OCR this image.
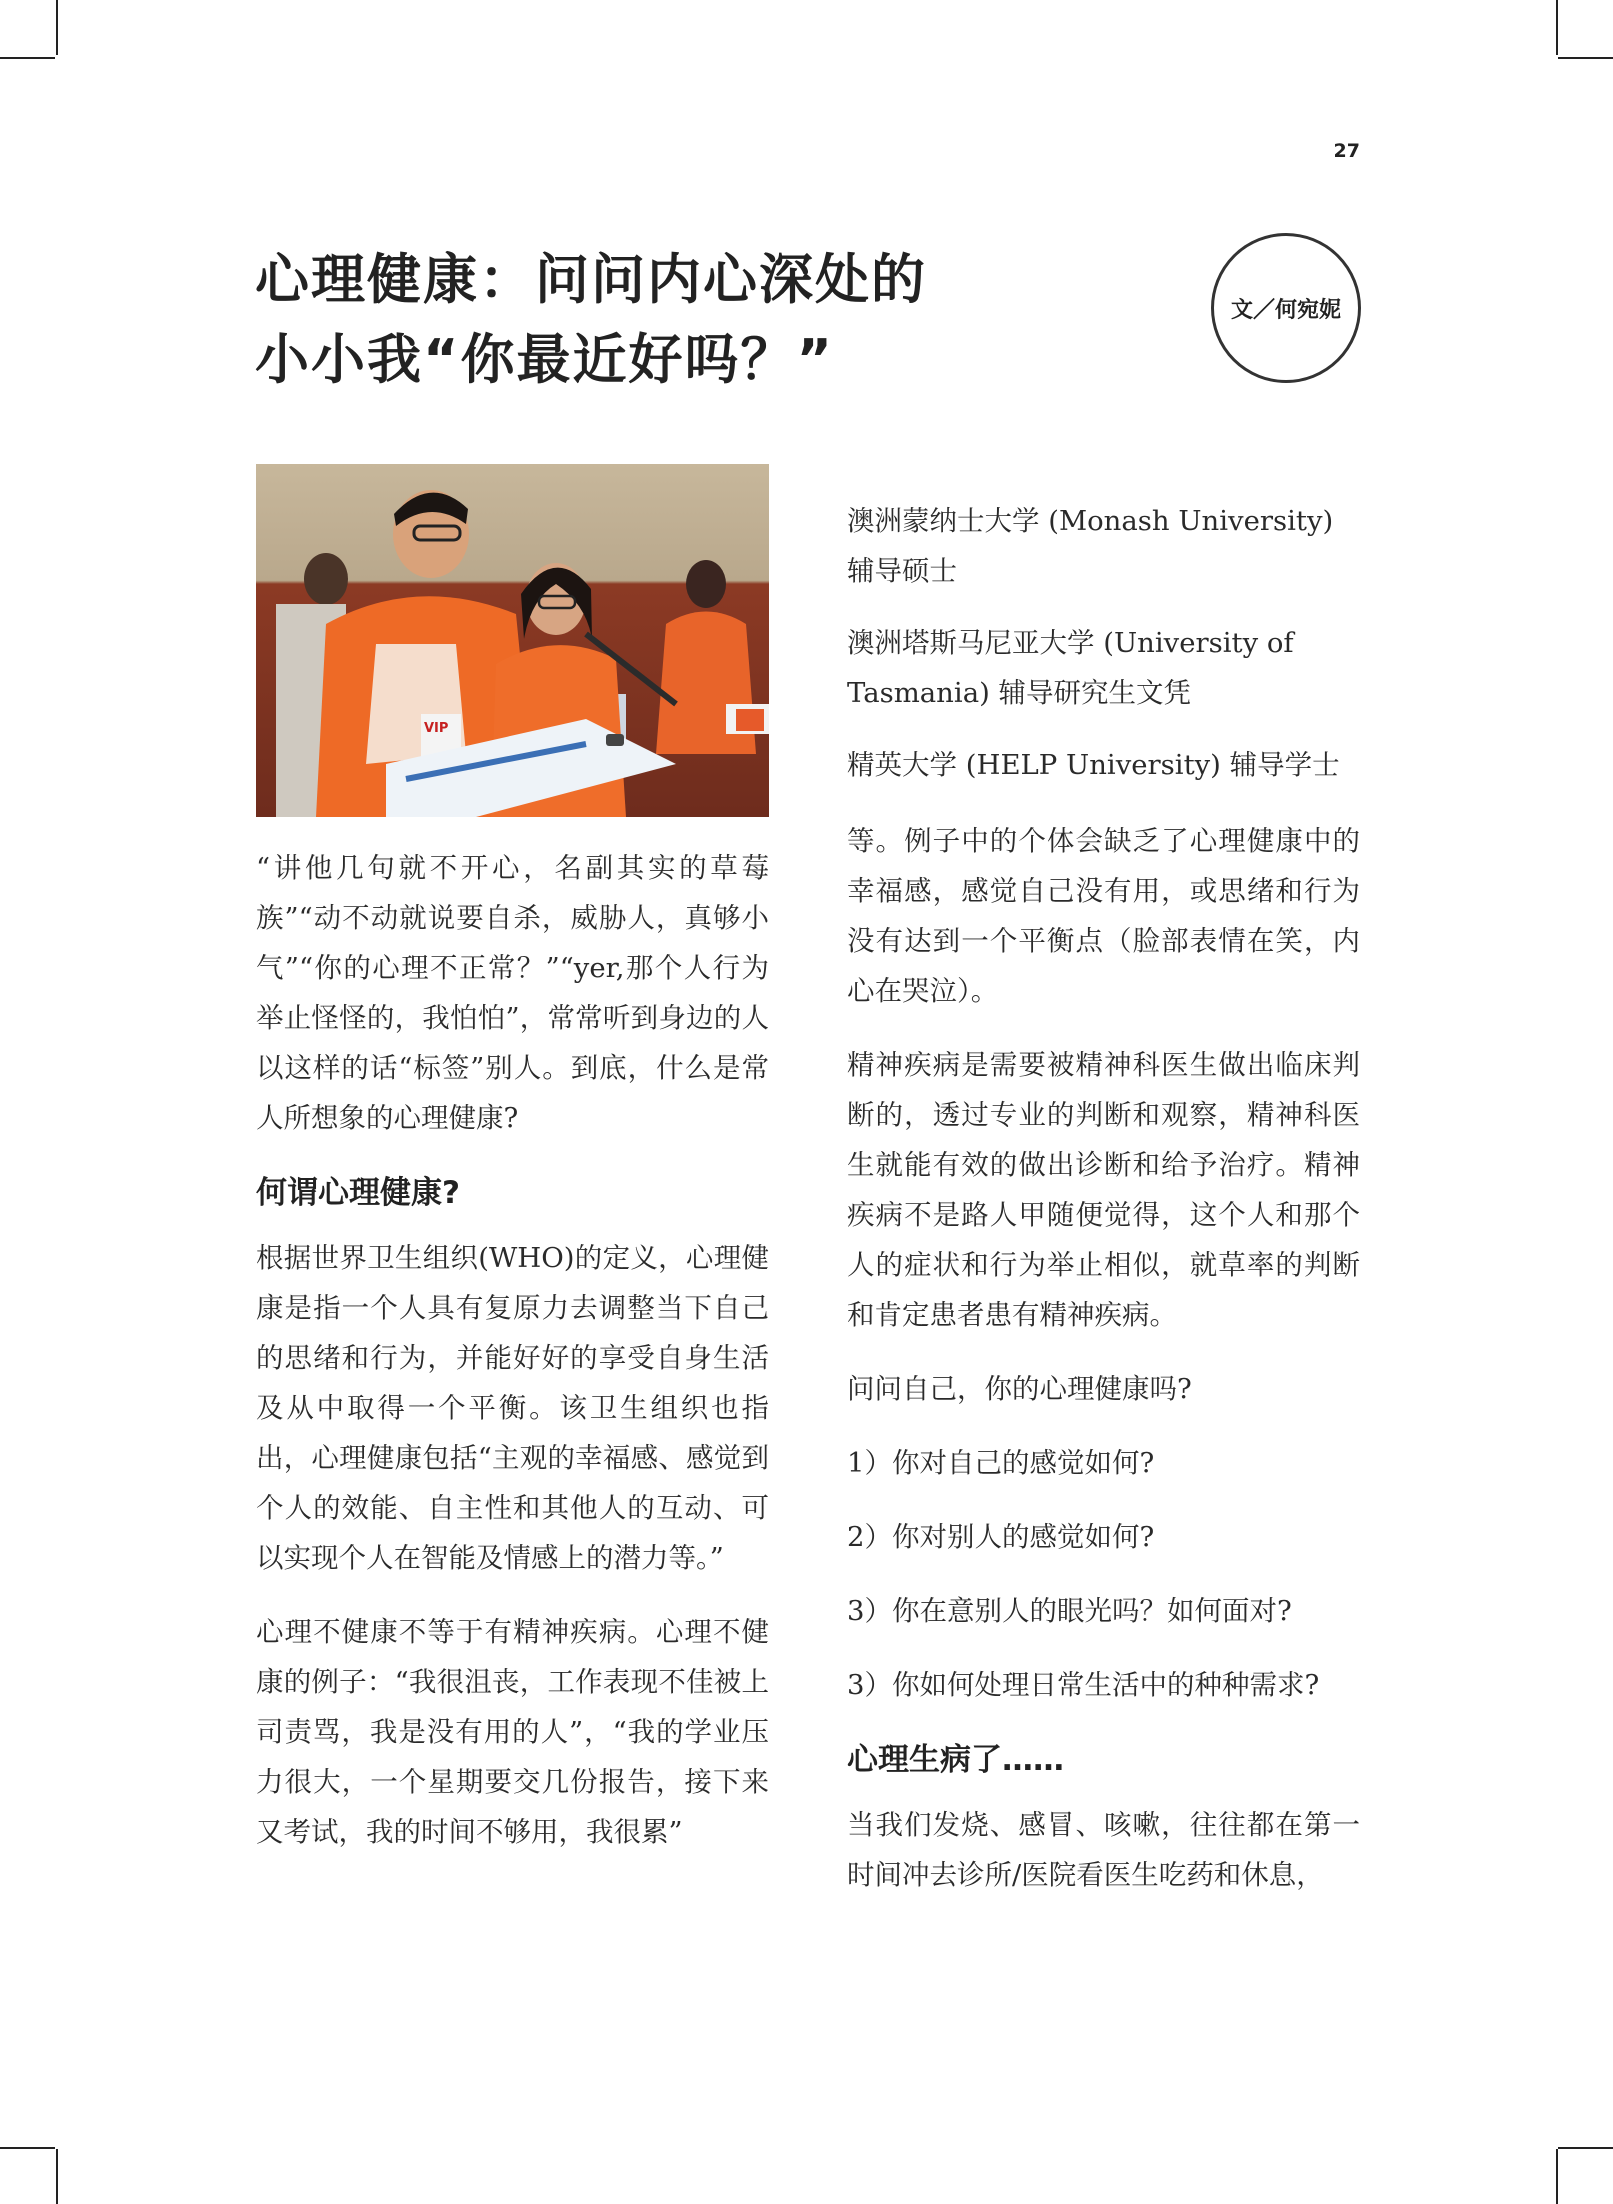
27
心理健康：问问内心深处的
小小我“你最近好吗？”
文／何宛妮
VIP

“讲他几句就不开心，名副其实的草莓族”“动不动就说要自杀，威胁人，真够小气”“你的心理不正常？”“yer,那个人行为举止怪怪的，我怕怕”，常常听到身边的人以这样的话“标签”别人。到底，什么是常人所想象的心理健康?

何谓心理健康?

根据世界卫生组织(WHO)的定义，心理健康是指一个人具有复原力去调整当下自己的思绪和行为，并能好好的享受自身生活及从中取得一个平衡。该卫生组织也指出，心理健康包括“主观的幸福感、感觉到个人的效能、自主性和其他人的互动、可以实现个人在智能及情感上的潜力等。”

心理不健康不等于有精神疾病。心理不健康的例子：“我很沮丧，工作表现不佳被上司责骂，我是没有用的人”，“我的学业压力很大，一个星期要交几份报告，接下来又考试，我的时间不够用，我很累”

澳洲蒙纳士大学 (Monash University) 辅导硕士

澳洲塔斯马尼亚大学 (University of Tasmania) 辅导研究生文凭

精英大学 (HELP University) 辅导学士

等。例子中的个体会缺乏了心理健康中的幸福感，感觉自己没有用，或思绪和行为没有达到一个平衡点（脸部表情在笑，内心在哭泣）。

精神疾病是需要被精神科医生做出临床判断的，透过专业的判断和观察，精神科医生就能有效的做出诊断和给予治疗。精神疾病不是路人甲随便觉得，这个人和那个人的症状和行为举止相似，就草率的判断和肯定患者患有精神疾病。

问问自己，你的心理健康吗?

1）你对自己的感觉如何?

2）你对别人的感觉如何?

3）你在意别人的眼光吗？如何面对?

3）你如何处理日常生活中的种种需求?

心理生病了……

当我们发烧、感冒、咳嗽，往往都在第一时间冲去诊所/医院看医生吃药和休息，
